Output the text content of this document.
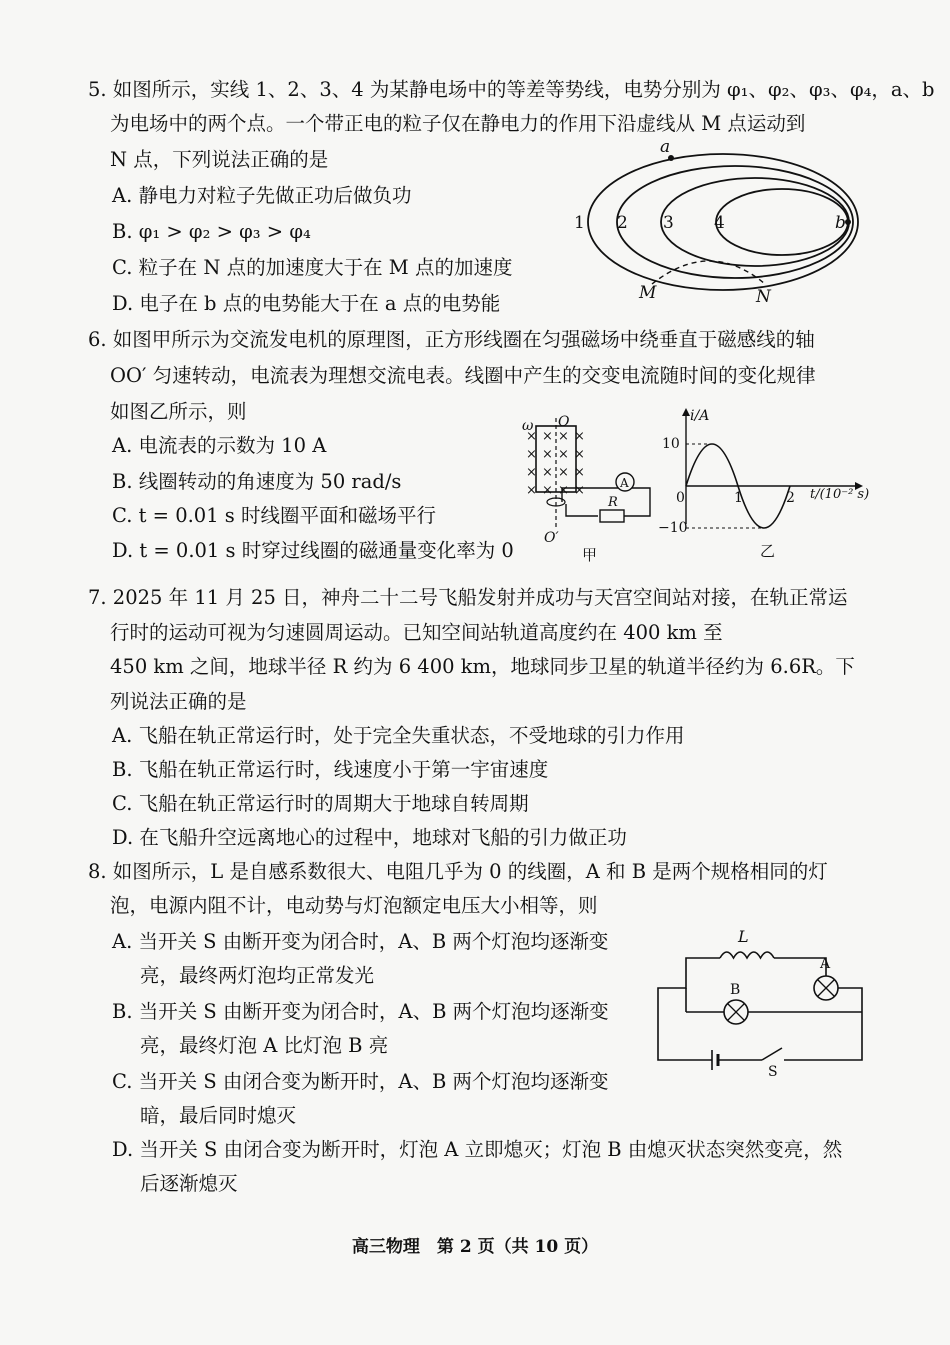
5. 如图所示，实线 1、2、3、4 为某静电场中的等差等势线，电势分别为 φ₁、φ₂、φ₃、φ₄，a、b
为电场中的两个点。一个带正电的粒子仅在静电力的作用下沿虚线从 M 点运动到
N 点，下列说法正确的是
A. 静电力对粒子先做正功后做负功
B. φ₁ > φ₂ > φ₃ > φ₄
C. 粒子在 N 点的加速度大于在 M 点的加速度
D. 电子在 b 点的电势能大于在 a 点的电势能
1 2 3 4
a
b
M	N
6. 如图甲所示为交流发电机的原理图，正方形线圈在匀强磁场中绕垂直于磁感线的轴
OO′ 匀速转动，电流表为理想交流电表。线圈中产生的交变电流随时间的变化规律
如图乙所示，则
A. 电流表的示数为 10 A
B. 线圈转动的角速度为 50 rad/s
C. t = 0.01 s 时线圈平面和磁场平行
D. t = 0.01 s 时穿过线圈的磁通量变化率为 0
× × × ×
× × × ×
× × × ×
× × × ×	A
R
ω O
O′
甲
i/A
10
−10
0	1	2 t/(10⁻² s)
乙
7. 2025 年 11 月 25 日，神舟二十二号飞船发射并成功与天宫空间站对接，在轨正常运
行时的运动可视为匀速圆周运动。已知空间站轨道高度约在 400 km 至
450 km 之间，地球半径 R 约为 6 400 km，地球同步卫星的轨道半径约为 6.6R。下
列说法正确的是
A. 飞船在轨正常运行时，处于完全失重状态，不受地球的引力作用
B. 飞船在轨正常运行时，线速度小于第一宇宙速度
C. 飞船在轨正常运行时的周期大于地球自转周期
D. 在飞船升空远离地心的过程中，地球对飞船的引力做正功
8. 如图所示，L 是自感系数很大、电阻几乎为 0 的线圈，A 和 B 是两个规格相同的灯
泡，电源内阻不计，电动势与灯泡额定电压大小相等，则
A. 当开关 S 由断开变为闭合时，A、B 两个灯泡均逐渐变
亮，最终两灯泡均正常发光
B. 当开关 S 由断开变为闭合时，A、B 两个灯泡均逐渐变
亮，最终灯泡 A 比灯泡 B 亮
C. 当开关 S 由闭合变为断开时，A、B 两个灯泡均逐渐变
暗，最后同时熄灭
D. 当开关 S 由闭合变为断开时，灯泡 A 立即熄灭；灯泡 B 由熄灭状态突然变亮，然
后逐渐熄灭
L
A
B
S
高三物理　第 2 页（共 10 页）
